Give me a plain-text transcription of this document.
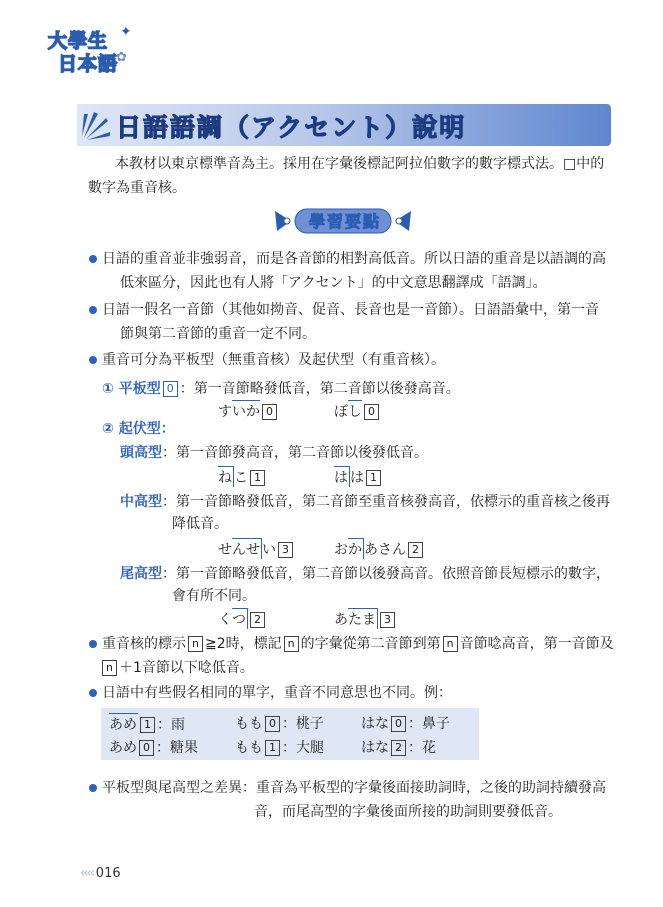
大學生 ✦
日本語
✿
日語語調（アクセント）說明
本教材以東京標準音為主。採用在字彙後標記阿拉伯數字的數字標式法。□中的
數字為重音核。
學習要點
日語的重音並非強弱音，而是各音節的相對高低音。所以日語的重音是以語調的高
低來區分，因此也有人將「アクセント」的中文意思翻譯成「語調」。
日語一假名一音節（其他如拗音、促音、長音也是一音節）。日語語彙中，第一音
節與第二音節的重音一定不同。
重音可分為平板型（無重音核）及起伏型（有重音核）。
① 平板型 0 ：第一音節略發低音，第二音節以後發高音。
すいか 0	ぼし 0
② 起伏型：
頭高型：第一音節發高音，第二音節以後發低音。
ね こ 1	は は 1
中高型：第一音節略發低音，第二音節至重音核發高音，依標示的重音核之後再
降低音。
せんせ い 3	おか あさん 2
尾高型：第一音節略發低音，第二音節以後發高音。依照音節長短標示的數字，
會有所不同。
くつ 2	あたま 3
重音核的標示 n ≧2時，標記 n 的字彙從第二音節到第 n 音節唸高音，第一音節及
n ＋1音節以下唸低音。
日語中有些假名相同的單字，重音不同意思也不同。例：
あめ 1 ：雨	もも 0 ：桃子	はな 0 ：鼻子
あめ 0 ：糖果	もも 1 ：大腿	はな 2 ：花
平板型與尾高型之差異：重音為平板型的字彙後面接助詞時，之後的助詞持續發高
音，而尾高型的字彙後面所接的助詞則要發低音。
‹‹‹‹ 016
